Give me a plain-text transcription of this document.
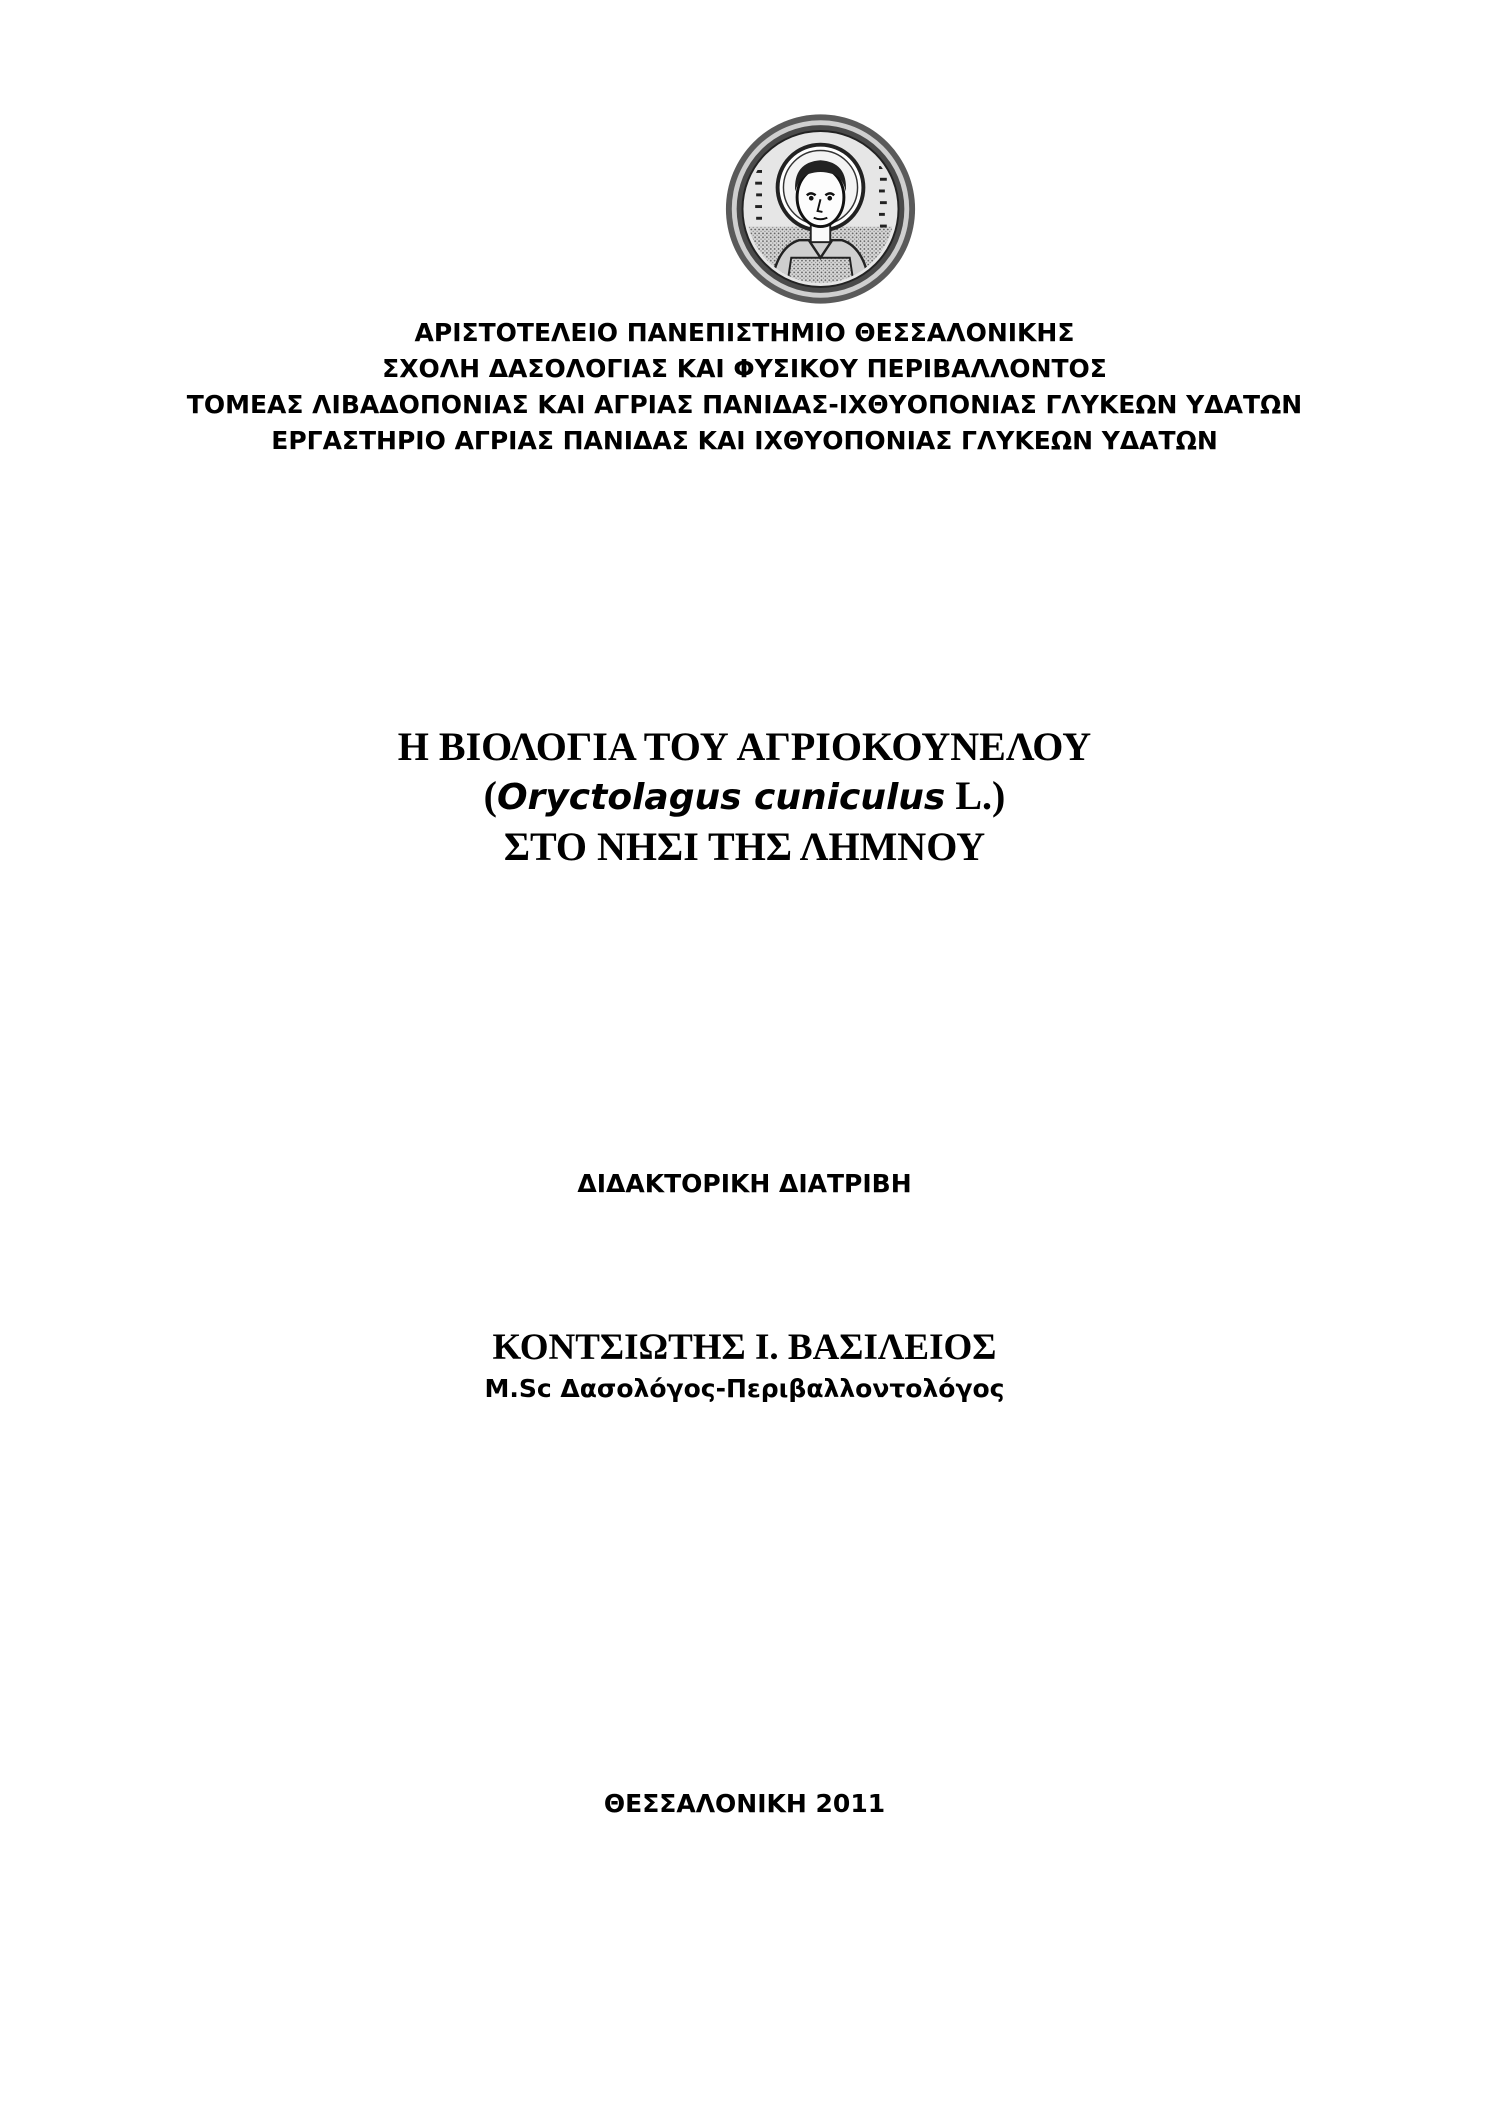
ΑΡΙΣΤΟΤΕΛΕΙΟ ΠΑΝΕΠΙΣΤΗΜΙΟ ΘΕΣΣΑΛΟΝΙΚΗΣ
ΣΧΟΛΗ ΔΑΣΟΛΟΓΙΑΣ ΚΑΙ ΦΥΣΙΚΟΥ ΠΕΡΙΒΑΛΛΟΝΤΟΣ
ΤΟΜΕΑΣ ΛΙΒΑΔΟΠΟΝΙΑΣ ΚΑΙ ΑΓΡΙΑΣ ΠΑΝΙΔΑΣ-ΙΧΘΥΟΠΟΝΙΑΣ ΓΛΥΚΕΩΝ ΥΔΑΤΩΝ
ΕΡΓΑΣΤΗΡΙΟ ΑΓΡΙΑΣ ΠΑΝΙΔΑΣ ΚΑΙ ΙΧΘΥΟΠΟΝΙΑΣ ΓΛΥΚΕΩΝ ΥΔΑΤΩΝ
Η ΒΙΟΛΟΓΙΑ ΤΟΥ ΑΓΡΙΟΚΟΥΝΕΛΟΥ
(Oryctolagus cuniculus L.)
ΣΤΟ ΝΗΣΙ ΤΗΣ ΛΗΜΝΟΥ
ΔΙΔΑΚΤΟΡΙΚΗ ΔΙΑΤΡΙΒΗ
ΚΟΝΤΣΙΩΤΗΣ Ι. ΒΑΣΙΛΕΙΟΣ
M.Sc Δασολόγος-Περιβαλλοντολόγος
ΘΕΣΣΑΛΟΝΙΚΗ 2011
